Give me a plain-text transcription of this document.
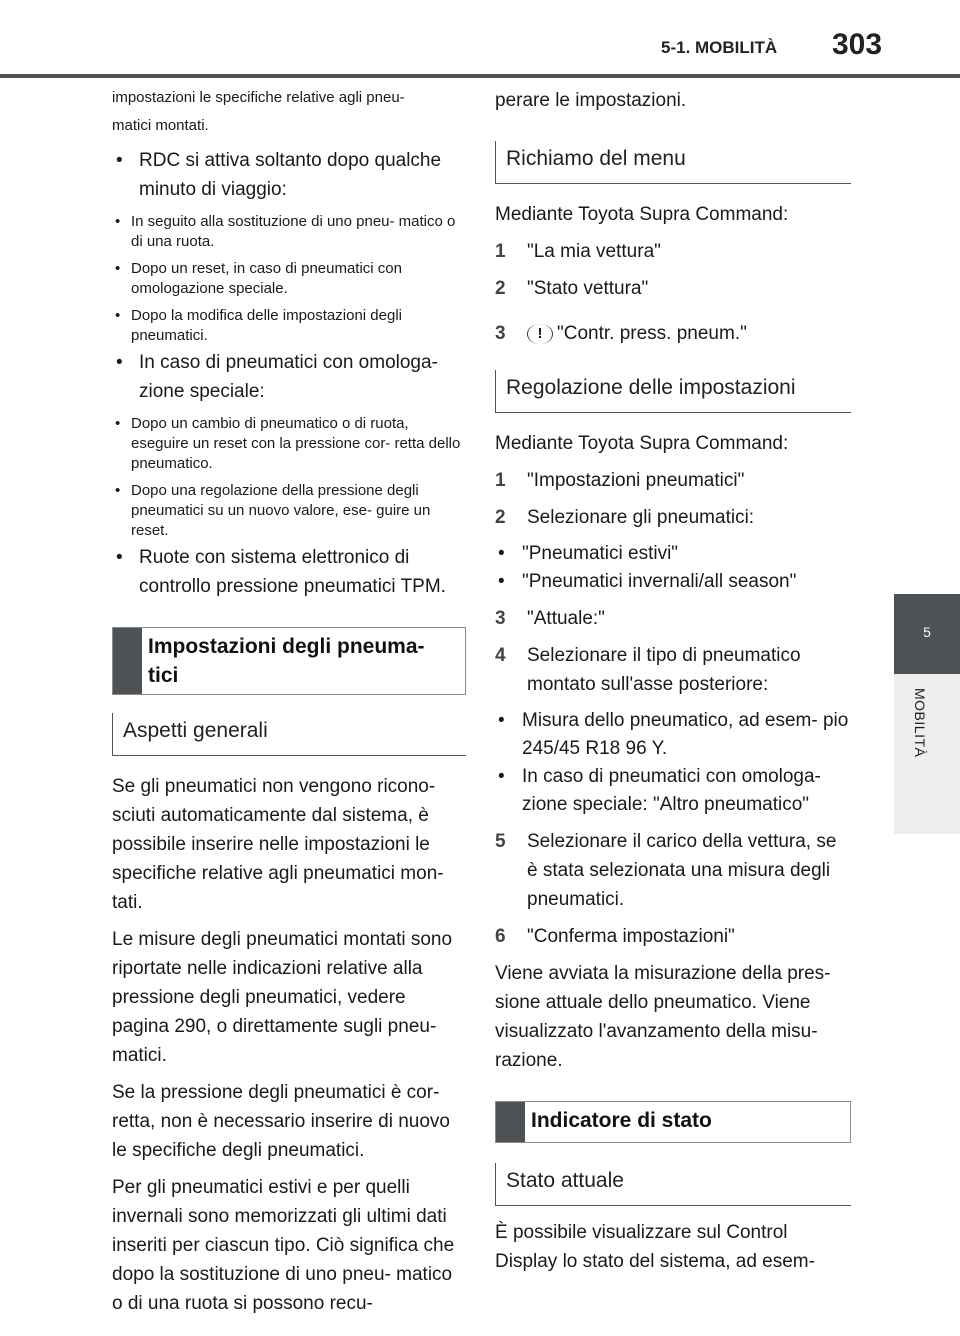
5-1. MOBILITÀ 303
5
MOBILITÀ

impostazioni le specifiche relative agli pneu-

matici montati.

• RDC si attiva soltanto dopo qualche minuto di viaggio:
• In seguito alla sostituzione di uno pneu- matico o di una ruota.
• Dopo un reset, in caso di pneumatici con omologazione speciale.
• Dopo la modifica delle impostazioni degli pneumatici.
• In caso di pneumatici con omologa- zione speciale:
• Dopo un cambio di pneumatico o di ruota, eseguire un reset con la pressione cor- retta dello pneumatico.
• Dopo una regolazione della pressione degli pneumatici su un nuovo valore, ese- guire un reset.
• Ruote con sistema elettronico di controllo pressione pneumatici TPM.
Impostazioni degli pneuma- tici
Aspetti generali

Se gli pneumatici non vengono ricono- sciuti automaticamente dal sistema, è possibile inserire nelle impostazioni le specifiche relative agli pneumatici mon- tati.

Le misure degli pneumatici montati sono riportate nelle indicazioni relative alla pressione degli pneumatici, vedere pagina 290, o direttamente sugli pneu- matici.

Se la pressione degli pneumatici è cor- retta, non è necessario inserire di nuovo le specifiche degli pneumatici.

Per gli pneumatici estivi e per quelli invernali sono memorizzati gli ultimi dati inseriti per ciascun tipo. Ciò significa che dopo la sostituzione di uno pneu- matico o di una ruota si possono recu-

perare le impostazioni.

Richiamo del menu

Mediante Toyota Supra Command:

1	"La mia vettura"
2	"Stato vettura"
3	! "Contr. press. pneum."
Regolazione delle impostazioni

Mediante Toyota Supra Command:

1	"Impostazioni pneumatici"
2	Selezionare gli pneumatici:
• "Pneumatici estivi"
• "Pneumatici invernali/all season"
3	"Attuale:"
4	Selezionare il tipo di pneumatico montato sull'asse posteriore:
• Misura dello pneumatico, ad esem- pio 245/45 R18 96 Y.
• In caso di pneumatici con omologa- zione speciale: "Altro pneumatico"
5	Selezionare il carico della vettura, se è stata selezionata una misura degli pneumatici.
6	"Conferma impostazioni"

Viene avviata la misurazione della pres- sione attuale dello pneumatico. Viene visualizzato l'avanzamento della misu- razione.

Indicatore di stato
Stato attuale

È possibile visualizzare sul Control Display lo stato del sistema, ad esem-
